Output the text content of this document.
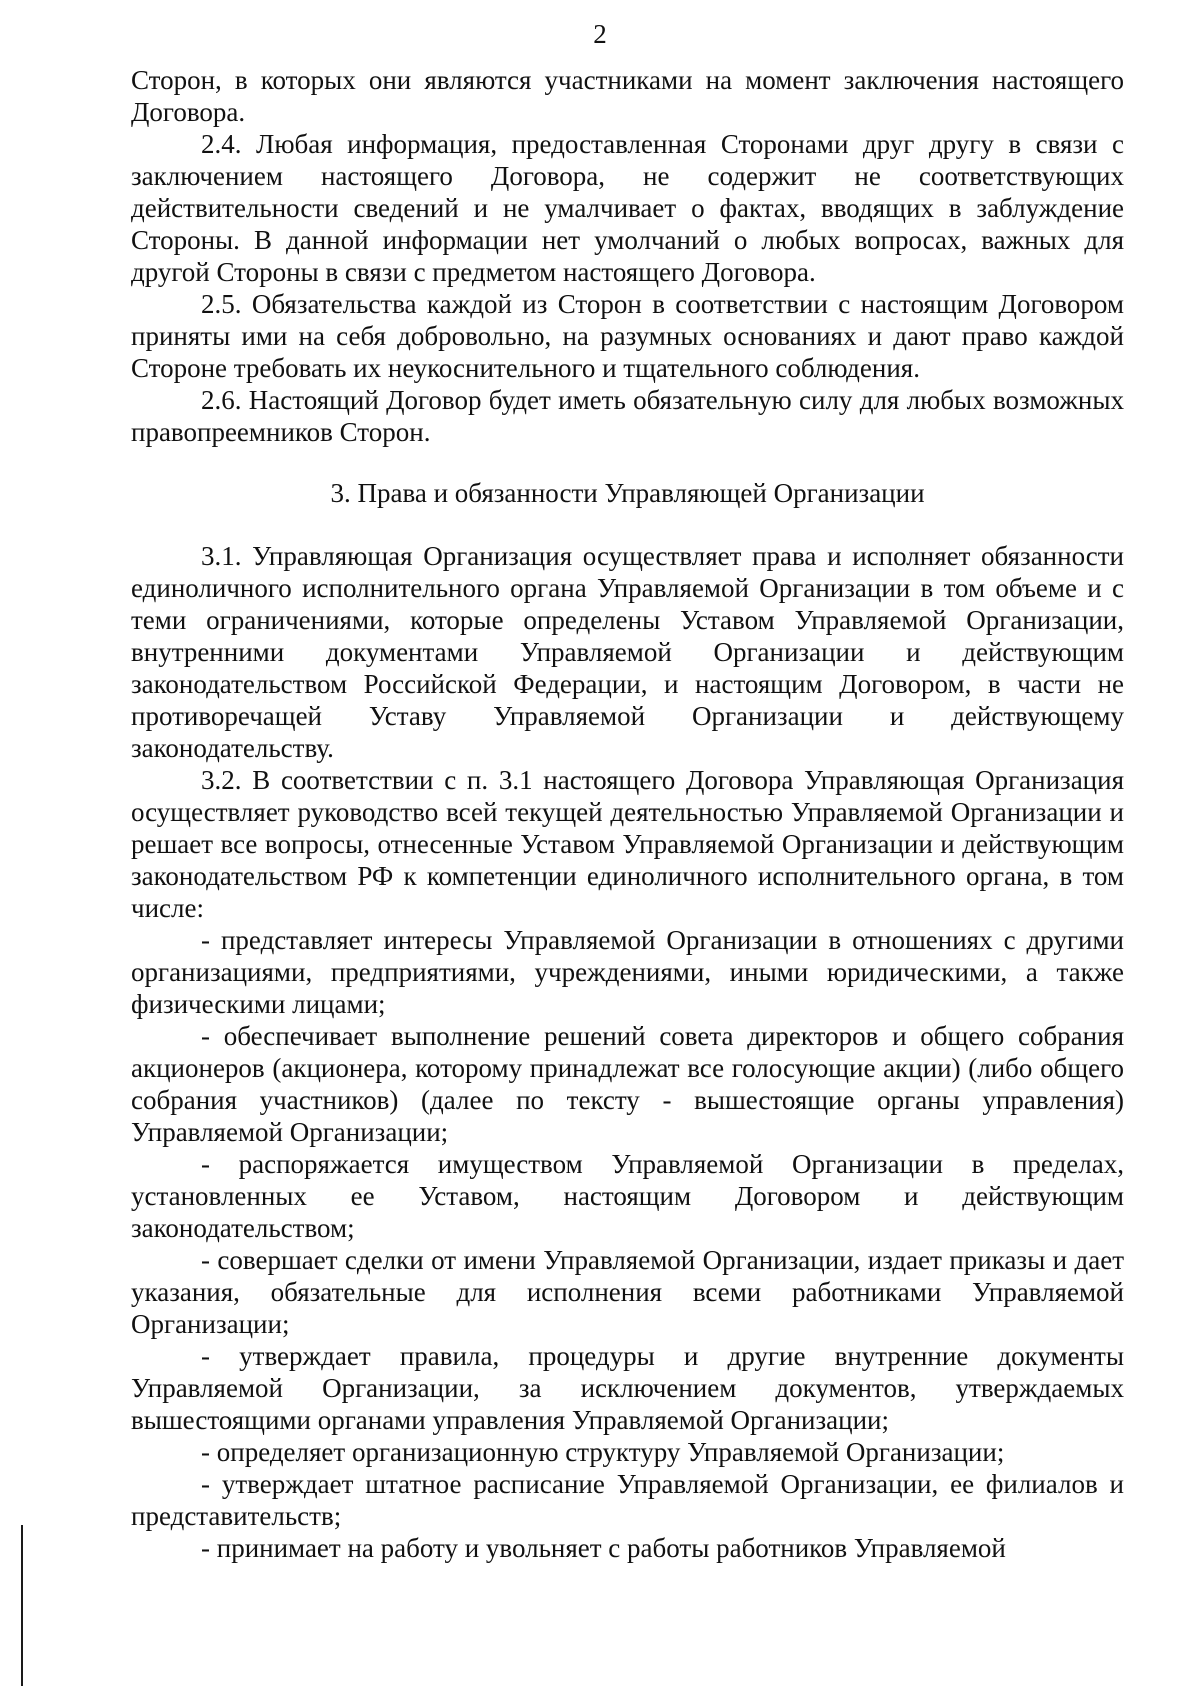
2

Сторон, в которых они являются участниками на момент заключения настоящего Договора.

2.4. Любая информация, предоставленная Сторонами друг другу в связи с заключением настоящего Договора, не содержит не соответствующих действительности сведений и не умалчивает о фактах, вводящих в заблуждение Стороны. В данной информации нет умолчаний о любых вопросах, важных для другой Стороны в связи с предметом настоящего Договора.

2.5. Обязательства каждой из Сторон в соответствии с настоящим Договором приняты ими на себя добровольно, на разумных основаниях и дают право каждой Стороне требовать их неукоснительного и тщательного соблюдения.

2.6. Настоящий Договор будет иметь обязательную силу для любых возможных правопреемников Сторон.

3. Права и обязанности Управляющей Организации

3.1. Управляющая Организация осуществляет права и исполняет обязанности единоличного исполнительного органа Управляемой Организации в том объеме и с теми ограничениями, которые определены Уставом Управляемой Организации, внутренними документами Управляемой Организации и действующим законодательством Российской Федерации, и настоящим Договором, в части не противоречащей Уставу Управляемой Организации и действующему законодательству.

3.2. В соответствии с п. 3.1 настоящего Договора Управляющая Организация осуществляет руководство всей текущей деятельностью Управляемой Организации и решает все вопросы, отнесенные Уставом Управляемой Организации и действующим законодательством РФ к компетенции единоличного исполнительного органа, в том числе:

- представляет интересы Управляемой Организации в отношениях с другими организациями, предприятиями, учреждениями, иными юридическими, а также физическими лицами;

- обеспечивает выполнение решений совета директоров и общего собрания акционеров (акционера, которому принадлежат все голосующие акции) (либо общего собрания участников) (далее по тексту - вышестоящие органы управления) Управляемой Организации;

- распоряжается имуществом Управляемой Организации в пределах, установленных ее Уставом, настоящим Договором и действующим законодательством;

- совершает сделки от имени Управляемой Организации, издает приказы и дает указания, обязательные для исполнения всеми работниками Управляемой Организации;

- утверждает правила, процедуры и другие внутренние документы Управляемой Организации, за исключением документов, утверждаемых вышестоящими органами управления Управляемой Организации;

- определяет организационную структуру Управляемой Организации;

- утверждает штатное расписание Управляемой Организации, ее филиалов и представительств;

- принимает на работу и увольняет с работы работников Управляемой
